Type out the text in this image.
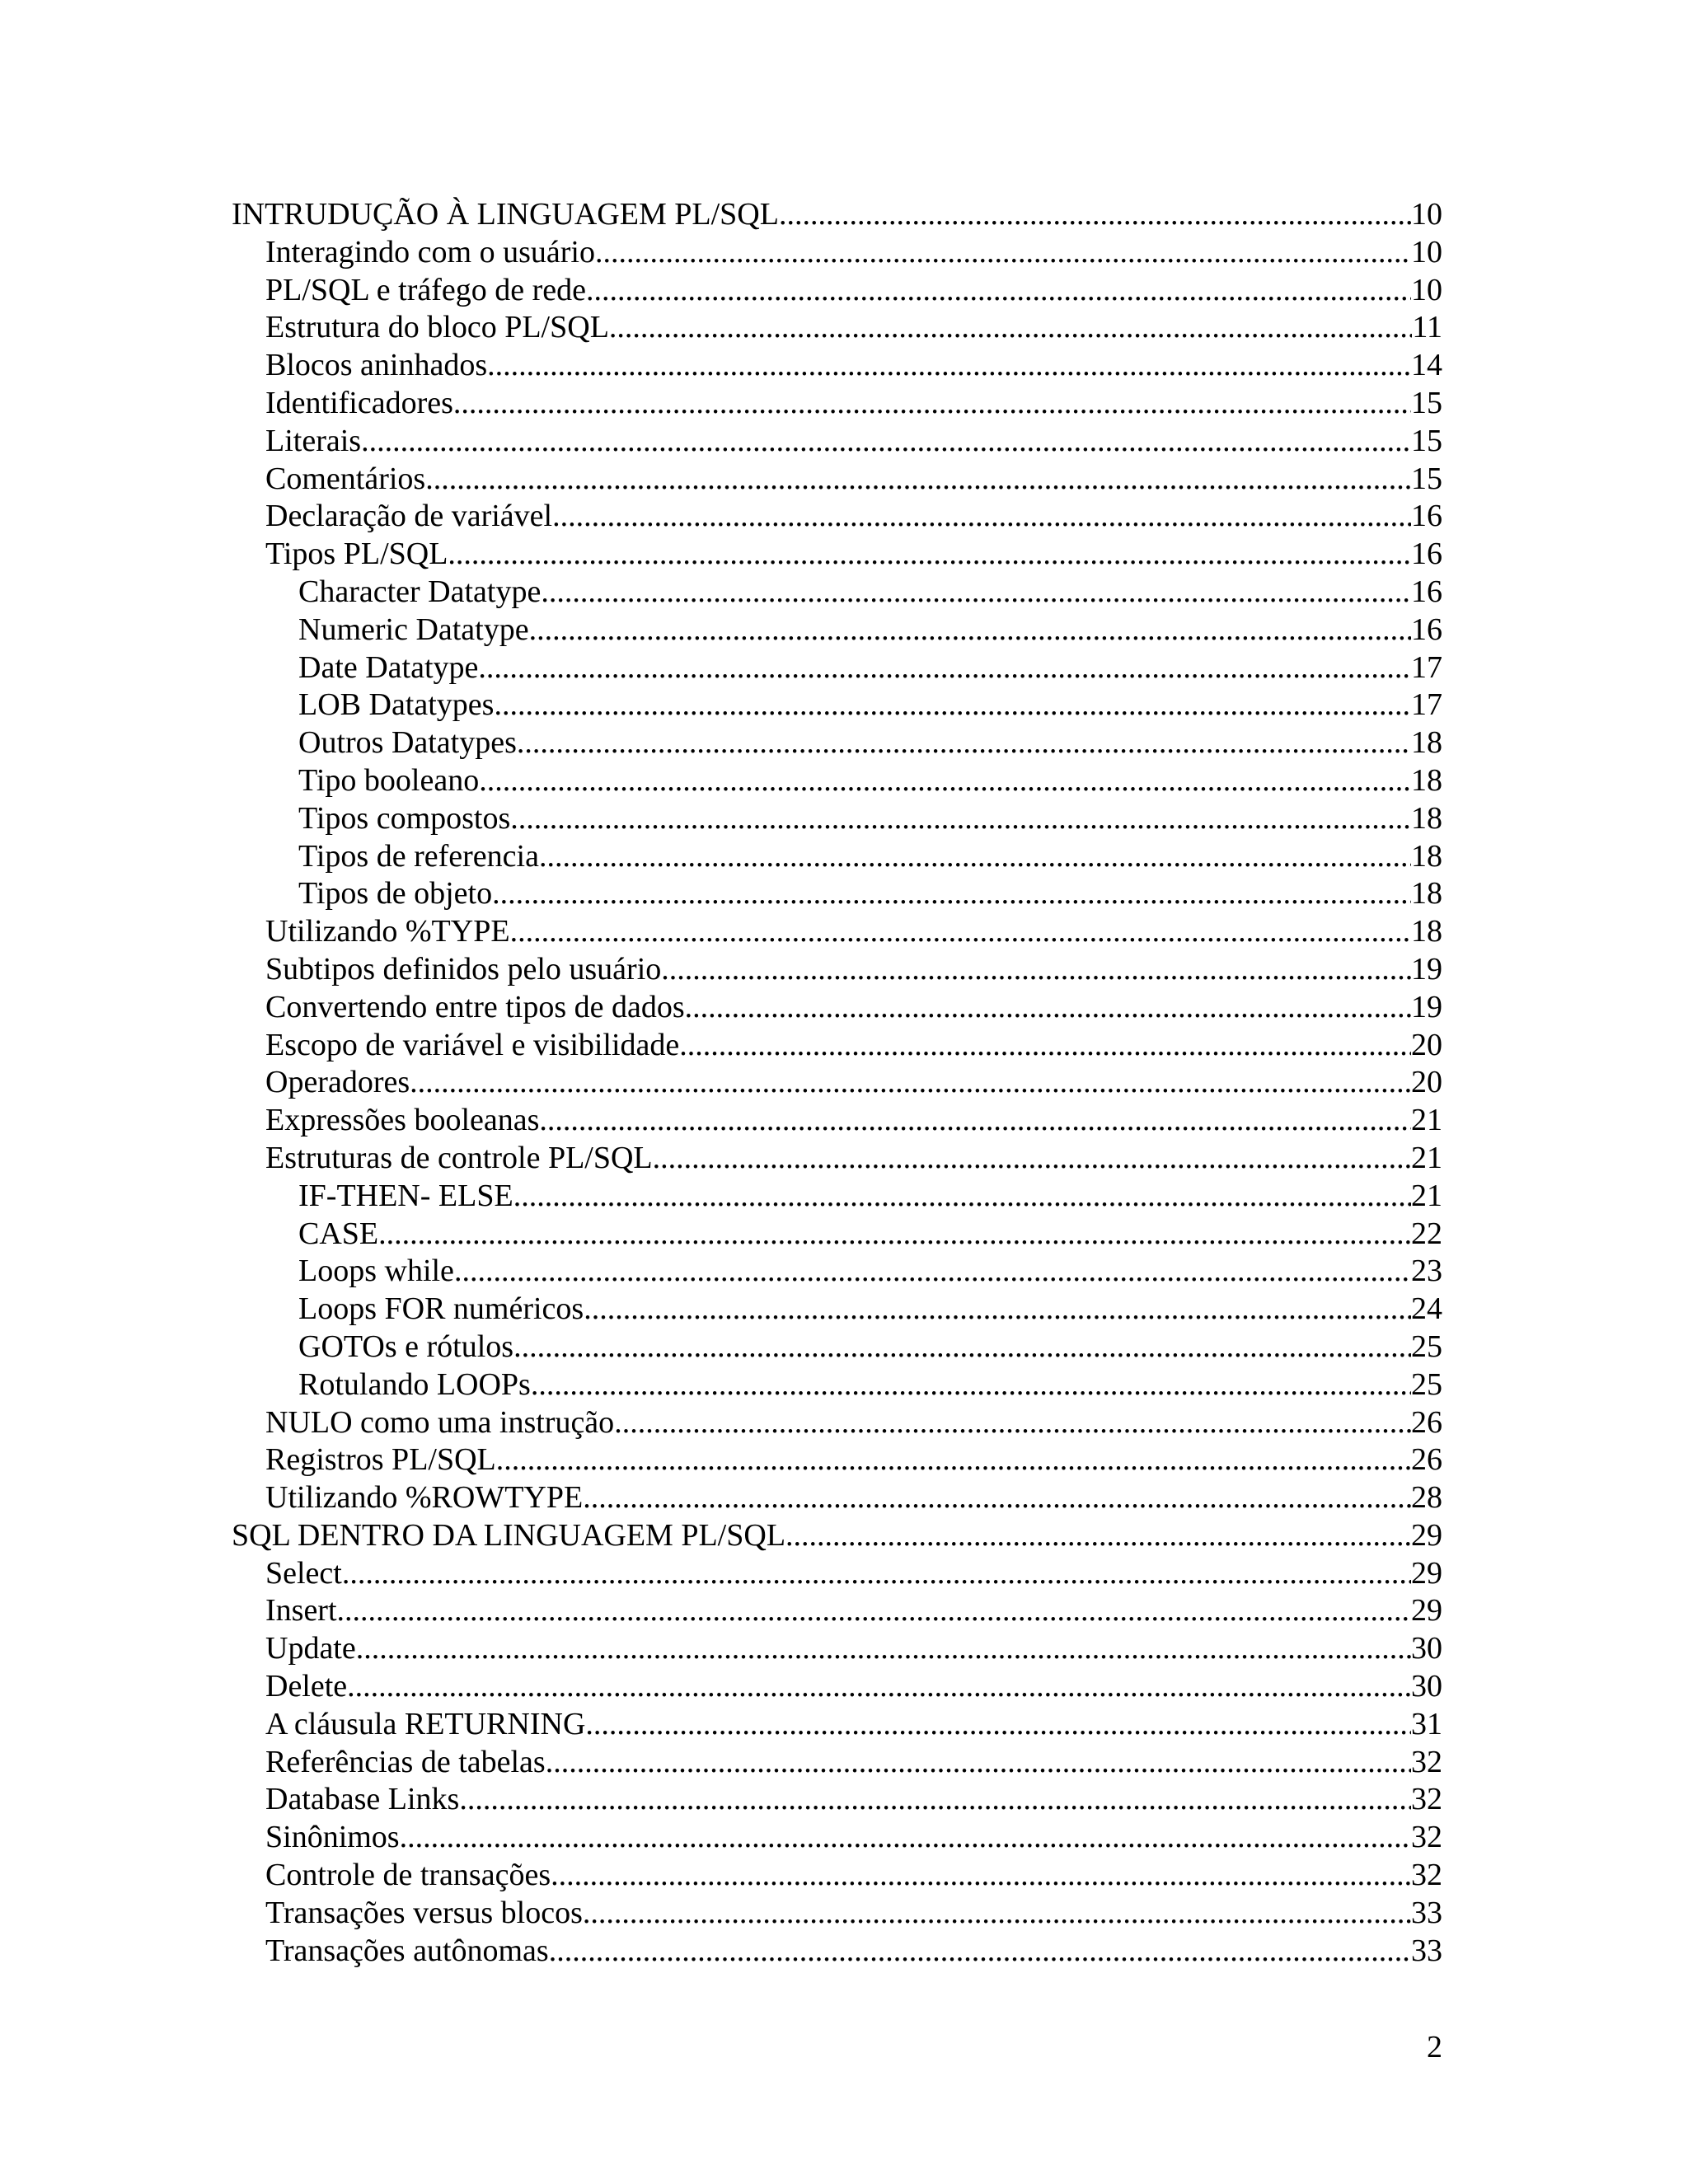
INTRUDUÇÃO À LINGUAGEM PL/SQL .....	10
Interagindo com o usuário .....	10
PL/SQL e tráfego de rede .....	10
Estrutura do bloco PL/SQL .....	11
Blocos aninhados .....	14
Identificadores .....	15
Literais .....	15
Comentários .....	15
Declaração de variável .....	16
Tipos PL/SQL .....	16
Character Datatype .....	16
Numeric Datatype .....	16
Date Datatype .....	17
LOB Datatypes .....	17
Outros Datatypes .....	18
Tipo booleano .....	18
Tipos compostos .....	18
Tipos de referencia .....	18
Tipos de objeto .....	18
Utilizando %TYPE .....	18
Subtipos definidos pelo usuário .....	19
Convertendo entre tipos de dados .....	19
Escopo de variável e visibilidade .....	20
Operadores .....	20
Expressões booleanas .....	21
Estruturas de controle PL/SQL .....	21
IF-THEN- ELSE .....	21
CASE .....	22
Loops while .....	23
Loops FOR numéricos .....	24
GOTOs e rótulos .....	25
Rotulando LOOPs .....	25
NULO como uma instrução .....	26
Registros PL/SQL .....	26
Utilizando %ROWTYPE .....	28
SQL DENTRO DA LINGUAGEM PL/SQL .....	29
Select .....	29
Insert .....	29
Update .....	30
Delete .....	30
A cláusula RETURNING .....	31
Referências de tabelas .....	32
Database Links .....	32
Sinônimos .....	32
Controle de transações .....	32
Transações versus blocos .....	33
Transações autônomas .....	33
2
